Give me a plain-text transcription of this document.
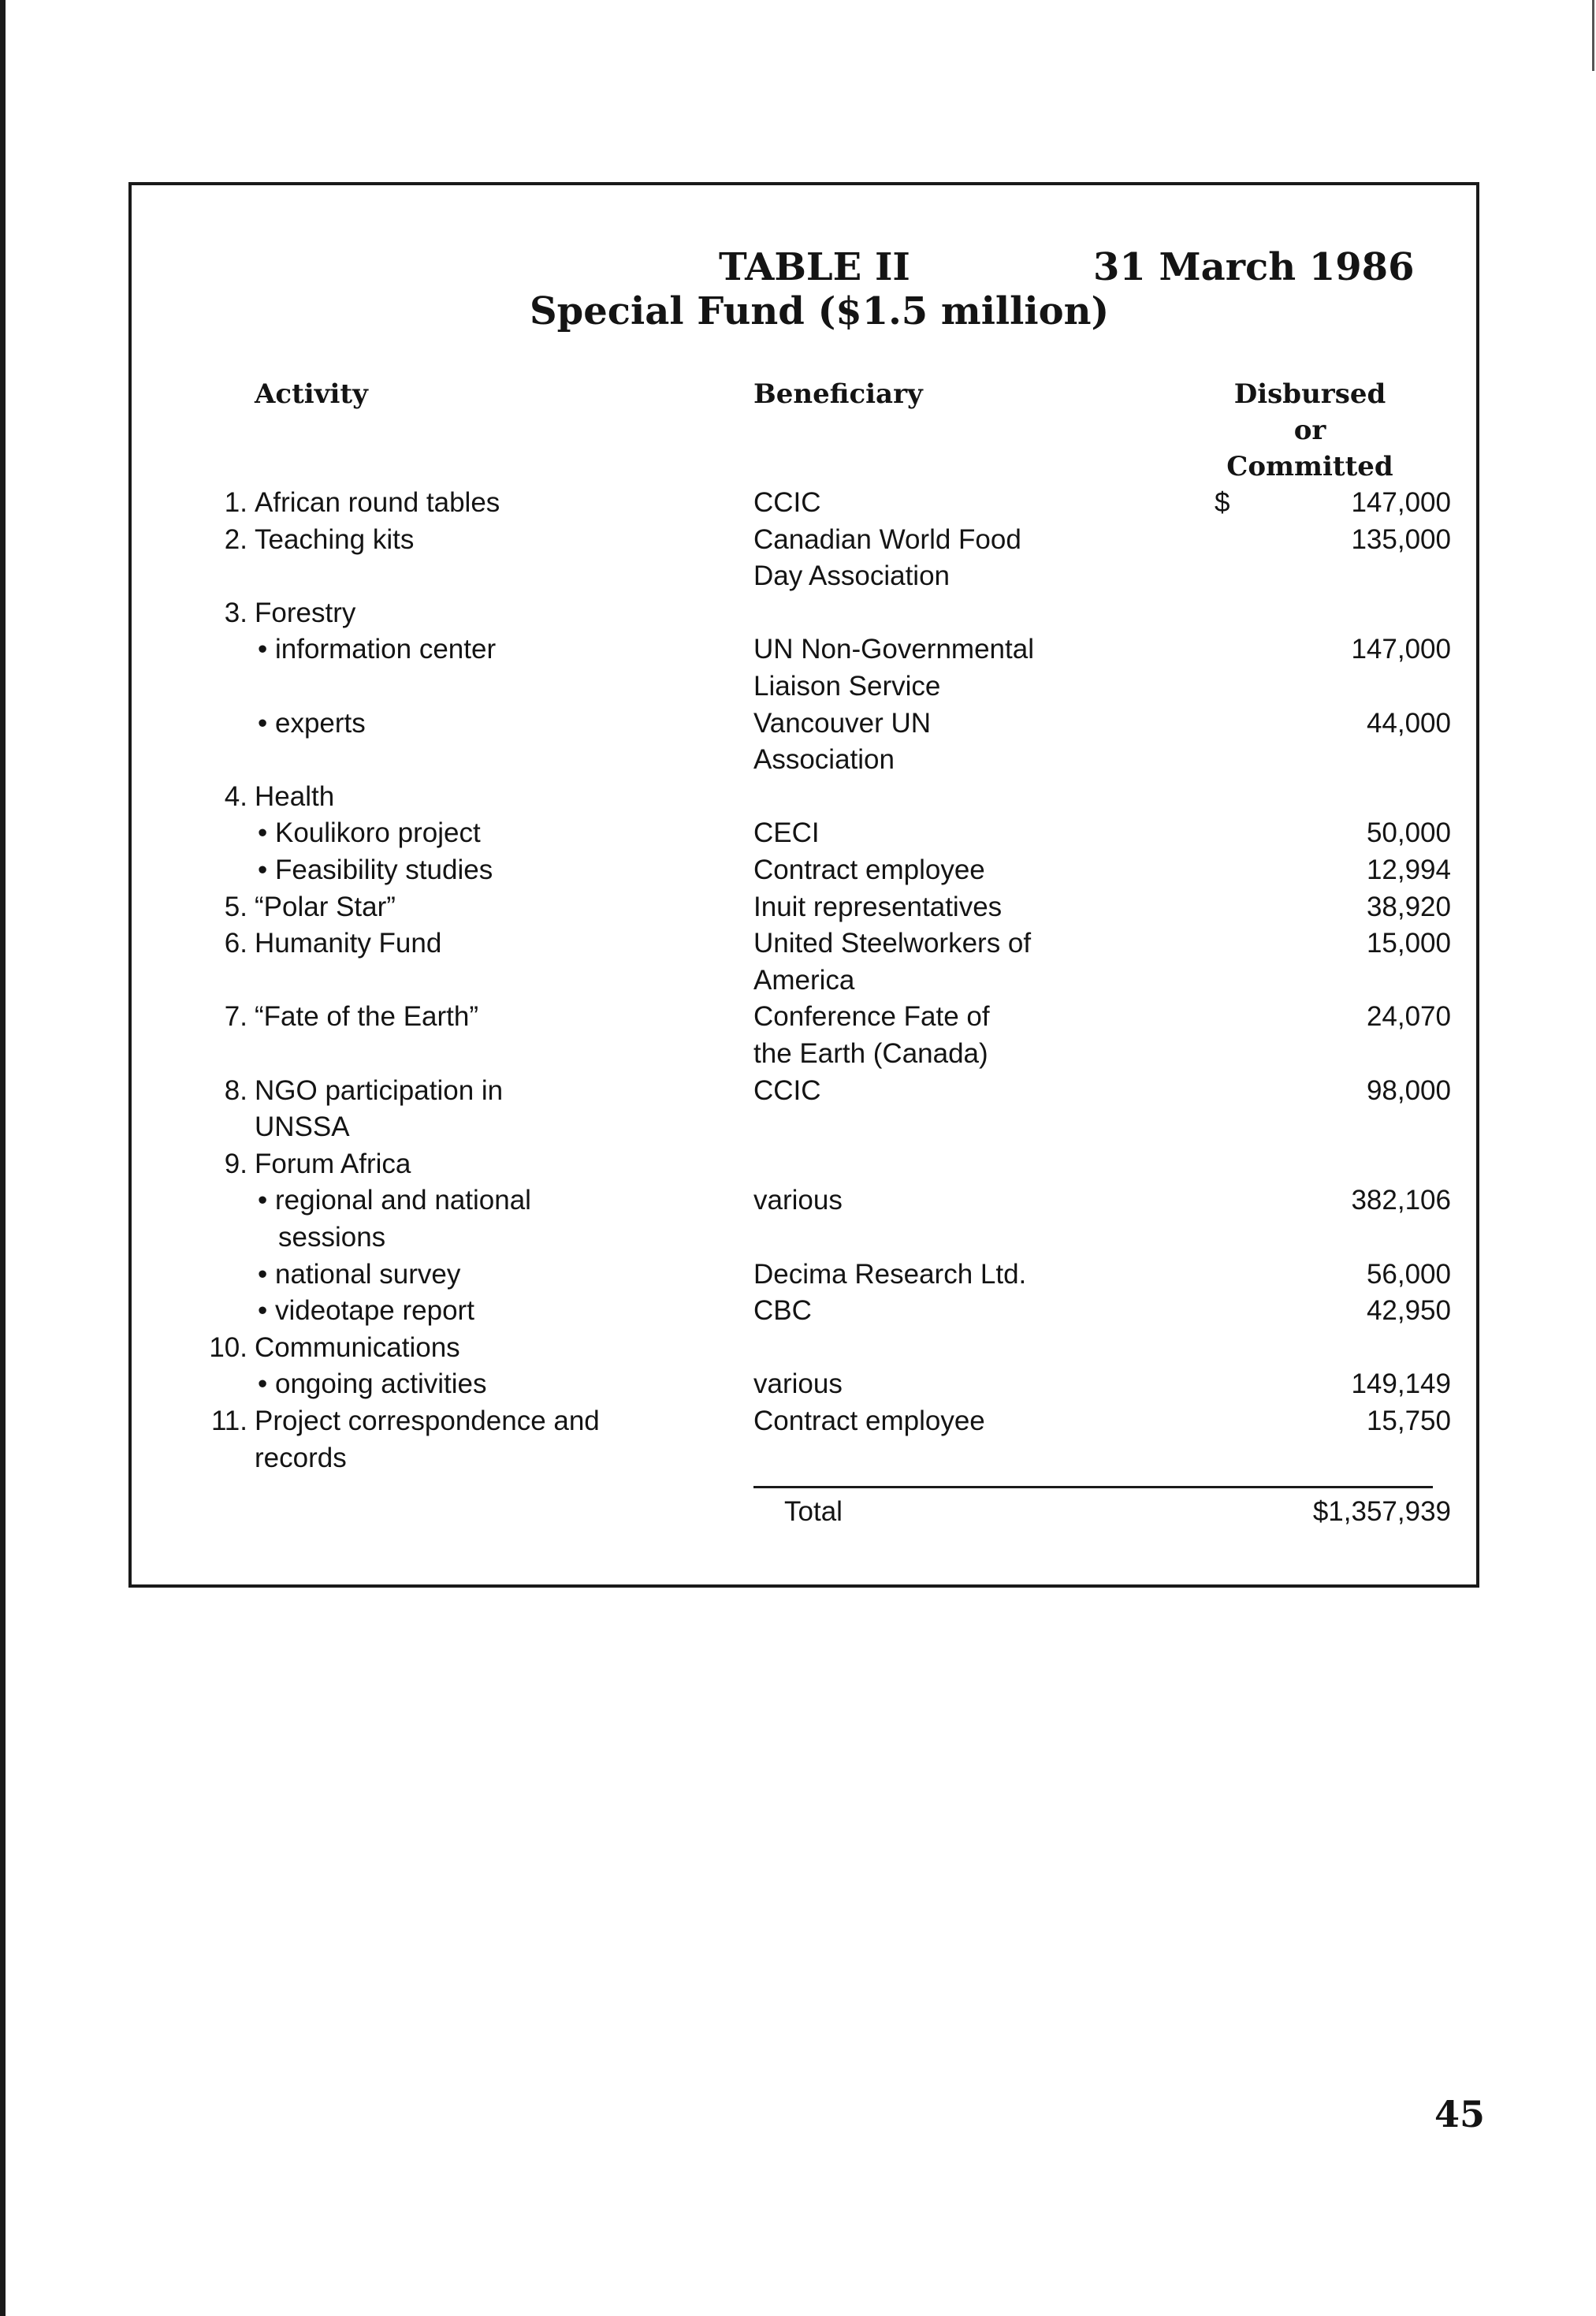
TABLE II	31 March 1986
Special Fund ($1.5 million)
Activity	Beneficiary	Disbursed
or
Committed
1. African round tables	CCIC	$	147,000
2. Teaching kits	Canadian World Food	135,000
Day Association
3. Forestry
• information center	UN Non-Governmental	147,000
Liaison Service
• experts	Vancouver UN	44,000
Association
4. Health
• Koulikoro project	CECI	50,000
• Feasibility studies	Contract employee	12,994
5. “Polar Star”	Inuit representatives	38,920
6. Humanity Fund	United Steelworkers of	15,000
America
7. “Fate of the Earth”	Conference Fate of	24,070
the Earth (Canada)
8. NGO participation in	CCIC	98,000
UNSSA
9. Forum Africa
• regional and national	various	382,106
sessions
• national survey	Decima Research Ltd.	56,000
• videotape report	CBC	42,950
10. Communications
• ongoing activities	various	149,149
11. Project correspondence and	Contract employee	15,750
records
Total	$1,357,939
45
